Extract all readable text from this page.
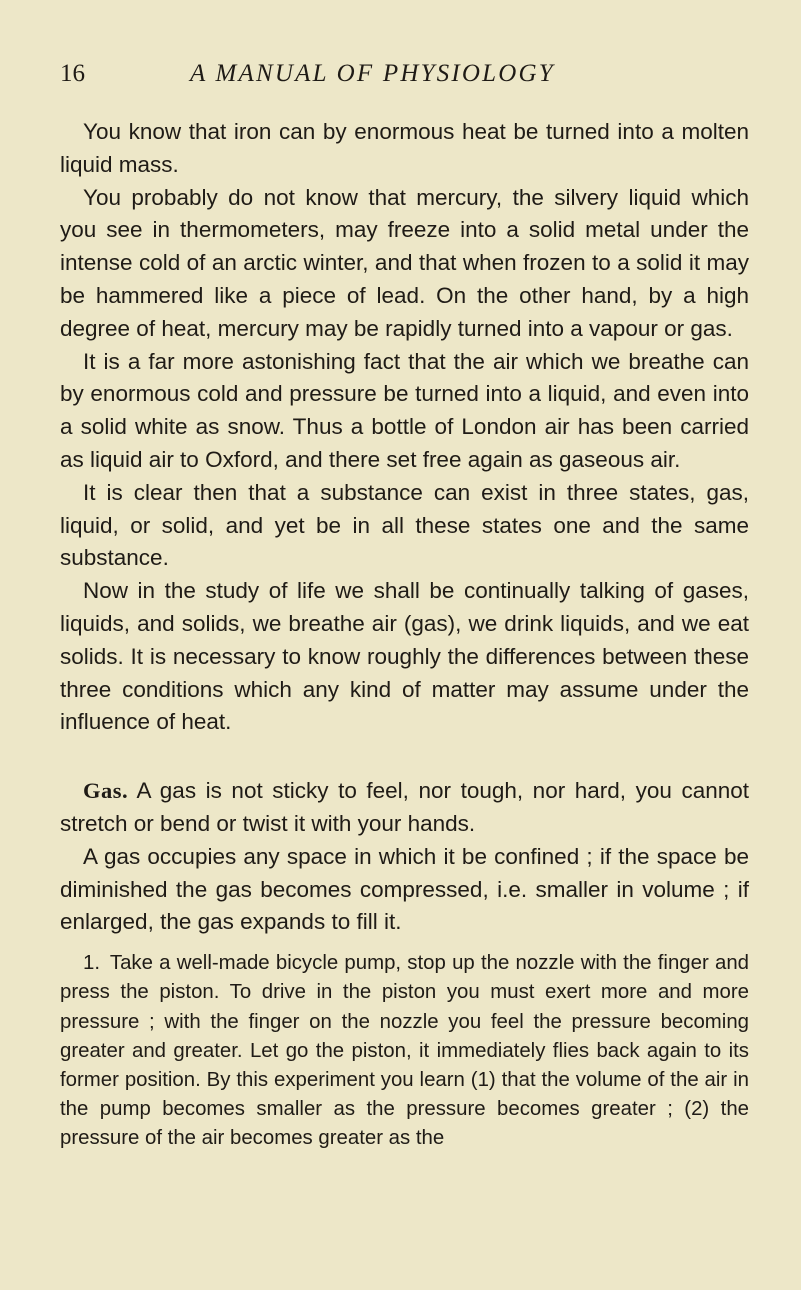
16	A MANUAL OF PHYSIOLOGY

You know that iron can by enormous heat be turned into a molten liquid mass.

You probably do not know that mercury, the silvery liquid which you see in thermometers, may freeze into a solid metal under the intense cold of an arctic winter, and that when frozen to a solid it may be hammered like a piece of lead. On the other hand, by a high degree of heat, mercury may be rapidly turned into a vapour or gas.

It is a far more astonishing fact that the air which we breathe can by enormous cold and pressure be turned into a liquid, and even into a solid white as snow. Thus a bottle of London air has been carried as liquid air to Oxford, and there set free again as gaseous air.

It is clear then that a substance can exist in three states, gas, liquid, or solid, and yet be in all these states one and the same substance.

Now in the study of life we shall be continually talking of gases, liquids, and solids, we breathe air (gas), we drink liquids, and we eat solids. It is necessary to know roughly the differences between these three conditions which any kind of matter may assume under the influence of heat.

Gas. A gas is not sticky to feel, nor tough, nor hard, you cannot stretch or bend or twist it with your hands.

A gas occupies any space in which it be confined ; if the space be diminished the gas becomes compressed, i.e. smaller in volume ; if enlarged, the gas expands to fill it.

1. Take a well-made bicycle pump, stop up the nozzle with the finger and press the piston. To drive in the piston you must exert more and more pressure ; with the finger on the nozzle you feel the pressure becoming greater and greater. Let go the piston, it immediately flies back again to its former position. By this experiment you learn (1) that the volume of the air in the pump becomes smaller as the pressure becomes greater ; (2) the pressure of the air becomes greater as the
